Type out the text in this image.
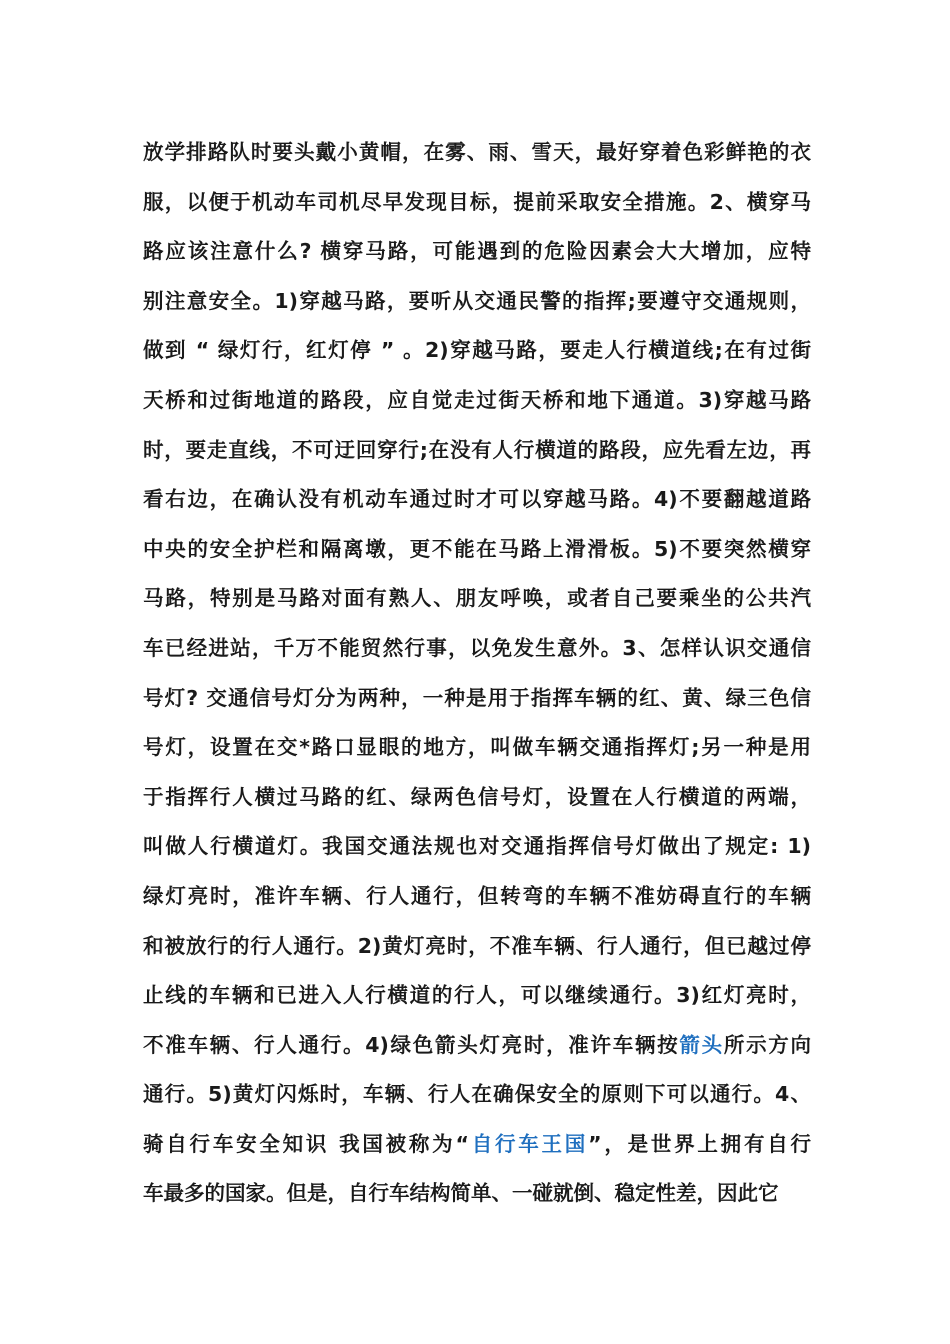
放学排路队时要头戴小黄帽，在雾、雨、雪天，最好穿着色彩鲜艳的衣
服，以便于机动车司机尽早发现目标，提前采取安全措施。2、横穿马
路应该注意什么? 横穿马路，可能遇到的危险因素会大大增加，应特
别注意安全。1)穿越马路，要听从交通民警的指挥;要遵守交通规则，
做到 “ 绿灯行，红灯停 ” 。2)穿越马路，要走人行横道线;在有过街
天桥和过街地道的路段，应自觉走过街天桥和地下通道。3)穿越马路
时，要走直线，不可迂回穿行;在没有人行横道的路段，应先看左边，再
看右边，在确认没有机动车通过时才可以穿越马路。4)不要翻越道路
中央的安全护栏和隔离墩，更不能在马路上滑滑板。5)不要突然横穿
马路，特别是马路对面有熟人、朋友呼唤，或者自己要乘坐的公共汽
车已经进站，千万不能贸然行事，以免发生意外。3、怎样认识交通信
号灯? 交通信号灯分为两种，一种是用于指挥车辆的红、黄、绿三色信
号灯，设置在交*路口显眼的地方，叫做车辆交通指挥灯;另一种是用
于指挥行人横过马路的红、绿两色信号灯，设置在人行横道的两端，
叫做人行横道灯。我国交通法规也对交通指挥信号灯做出了规定: 1)
绿灯亮时，准许车辆、行人通行，但转弯的车辆不准妨碍直行的车辆
和被放行的行人通行。2)黄灯亮时，不准车辆、行人通行，但已越过停
止线的车辆和已进入人行横道的行人，可以继续通行。3)红灯亮时，
不准车辆、行人通行。4)绿色箭头灯亮时，准许车辆按箭头所示方向
通行。5)黄灯闪烁时，车辆、行人在确保安全的原则下可以通行。4、
骑自行车安全知识 我国被称为“自行车王国”，是世界上拥有自行
车最多的国家。但是，自行车结构简单、一碰就倒、稳定性差，因此它
